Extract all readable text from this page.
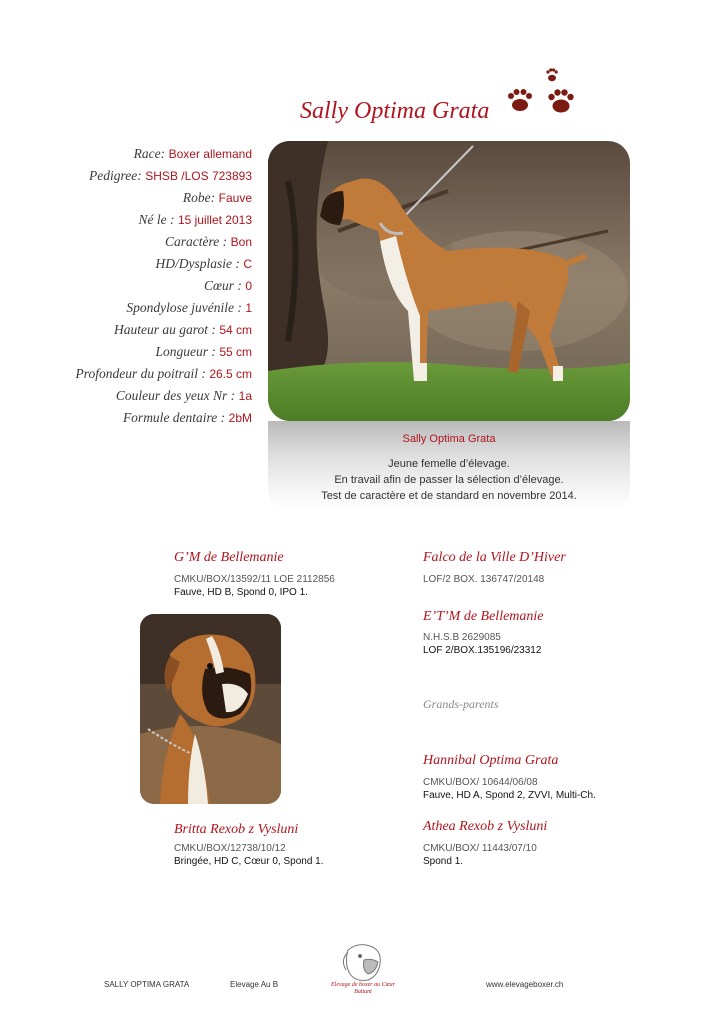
Sally Optima Grata
Race: Boxer allemand
Pedigree: SHSB /LOS 723893
Robe: Fauve
Né le : 15 juillet 2013
Caractère : Bon
HD/Dysplasie : C
Cœur : 0
Spondylose juvénile : 1
Hauteur au garot : 54 cm
Longueur : 55 cm
Profondeur du poitrail : 26.5 cm
Couleur des yeux Nr : 1a
Formule dentaire : 2bM
Sally Optima Grata
Jeune femelle d’élevage.
En travail afin de passer la sélection d’élevage.
Test de caractère et de standard en novembre 2014.
G’M de Bellemanie
CMKU/BOX/13592/11 LOE 2112856
Fauve, HD B, Spond 0, IPO 1.
Falco de la Ville D’Hiver
LOF/2 BOX. 136747/20148
E’T’M de Bellemanie
N.H.S.B 2629085
LOF 2/BOX.135196/23312
Grands-parents
Hannibal Optima Grata
CMKU/BOX/ 10644/06/08
Fauve, HD A, Spond 2, ZVVI, Multi-Ch.
Britta Rexob z Vysluni
CMKU/BOX/12738/10/12
Bringée, HD C, Cœur 0, Spond 1.
Athea Rexob z Vysluni
CMKU/BOX/ 11443/07/10
Spond 1.
SALLY OPTIMA GRATA	Elevage Au B	Elevage de boxer au Cœur Battant
www.elevageboxer.ch
